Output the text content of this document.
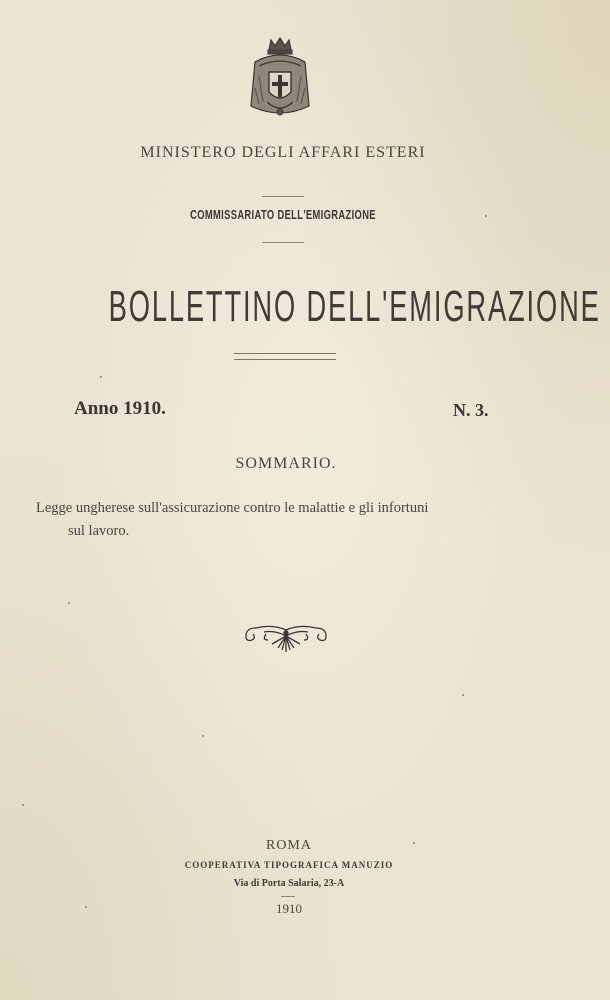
MINISTERO DEGLI AFFARI ESTERI
COMMISSARIATO DELL'EMIGRAZIONE
BOLLETTINO DELL'EMIGRAZIONE
Anno 1910.	N. 3.
SOMMARIO.
Legge ungherese sull'assicurazione contro le malattie e gli infortuni
sul lavoro.
ROMA
COOPERATIVA TIPOGRAFICA MANUZIO
Via di Porta Salaria, 23-A
1910
